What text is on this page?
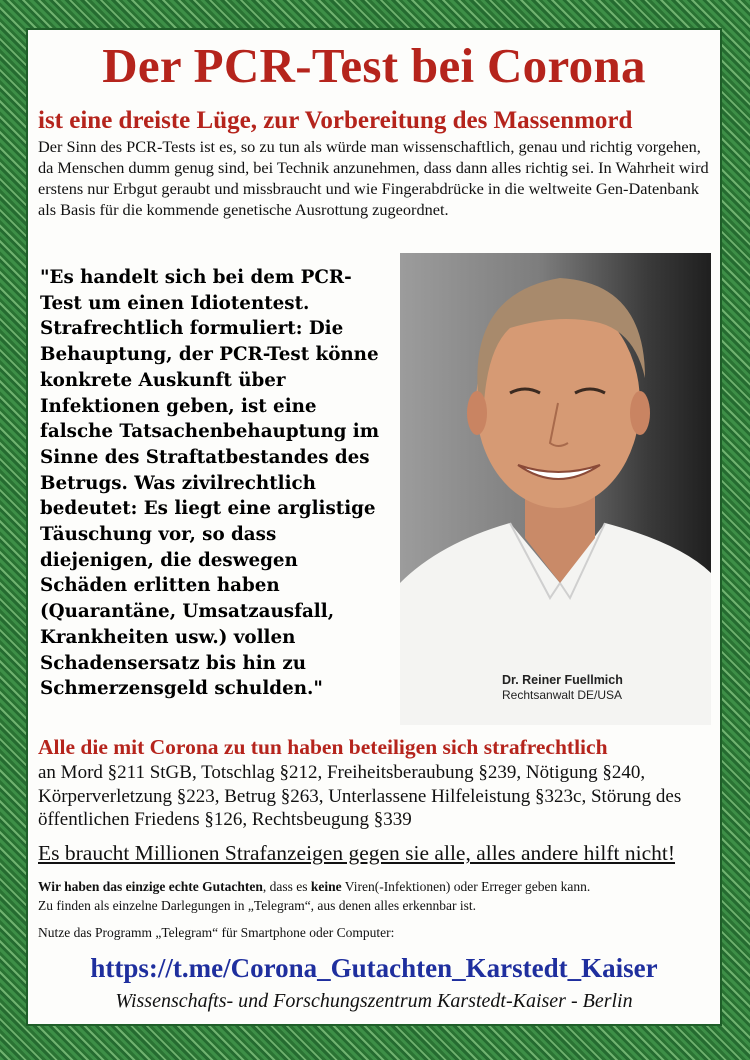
Der PCR-Test bei Corona
ist eine dreiste Lüge, zur Vorbereitung des Massenmord
Der Sinn des PCR-Tests ist es, so zu tun als würde man wissenschaftlich, genau und richtig vorgehen, da Menschen dumm genug sind, bei Technik anzunehmen, dass dann alles richtig sei. In Wahrheit wird erstens nur Erbgut geraubt und missbraucht und wie Fingerabdrücke in die weltweite Gen-Datenbank als Basis für die kommende genetische Ausrottung zugeordnet.
"Es handelt sich bei dem PCR-Test um einen Idiotentest. Strafrechtlich formuliert: Die Behauptung, der PCR-Test könne konkrete Auskunft über Infektionen geben, ist eine falsche Tatsachenbehauptung im Sinne des Straftatbestandes des Betrugs. Was zivilrechtlich bedeutet: Es liegt eine arglistige Täuschung vor, so dass diejenigen, die deswegen Schäden erlitten haben (Quarantäne, Umsatzausfall, Krankheiten usw.) vollen Schadensersatz bis hin zu Schmerzensgeld schulden."	Dr. Reiner Fuellmich
Rechtsanwalt DE/USA
Alle die mit Corona zu tun haben beteiligen sich strafrechtlich
an Mord §211 StGB, Totschlag §212, Freiheitsberaubung §239, Nötigung §240, Körperverletzung §223, Betrug §263, Unterlassene Hilfeleistung §323c, Störung des öffentlichen Friedens §126, Rechtsbeugung §339
Es braucht Millionen Strafanzeigen gegen sie alle, alles andere hilft nicht!
Wir haben das einzige echte Gutachten, dass es keine Viren(-Infektionen) oder Erreger geben kann.
Zu finden als einzelne Darlegungen in „Telegram“, aus denen alles erkennbar ist.
Nutze das Programm „Telegram“ für Smartphone oder Computer:
https://t.me/Corona_Gutachten_Karstedt_Kaiser
Wissenschafts- und Forschungszentrum Karstedt-Kaiser - Berlin
